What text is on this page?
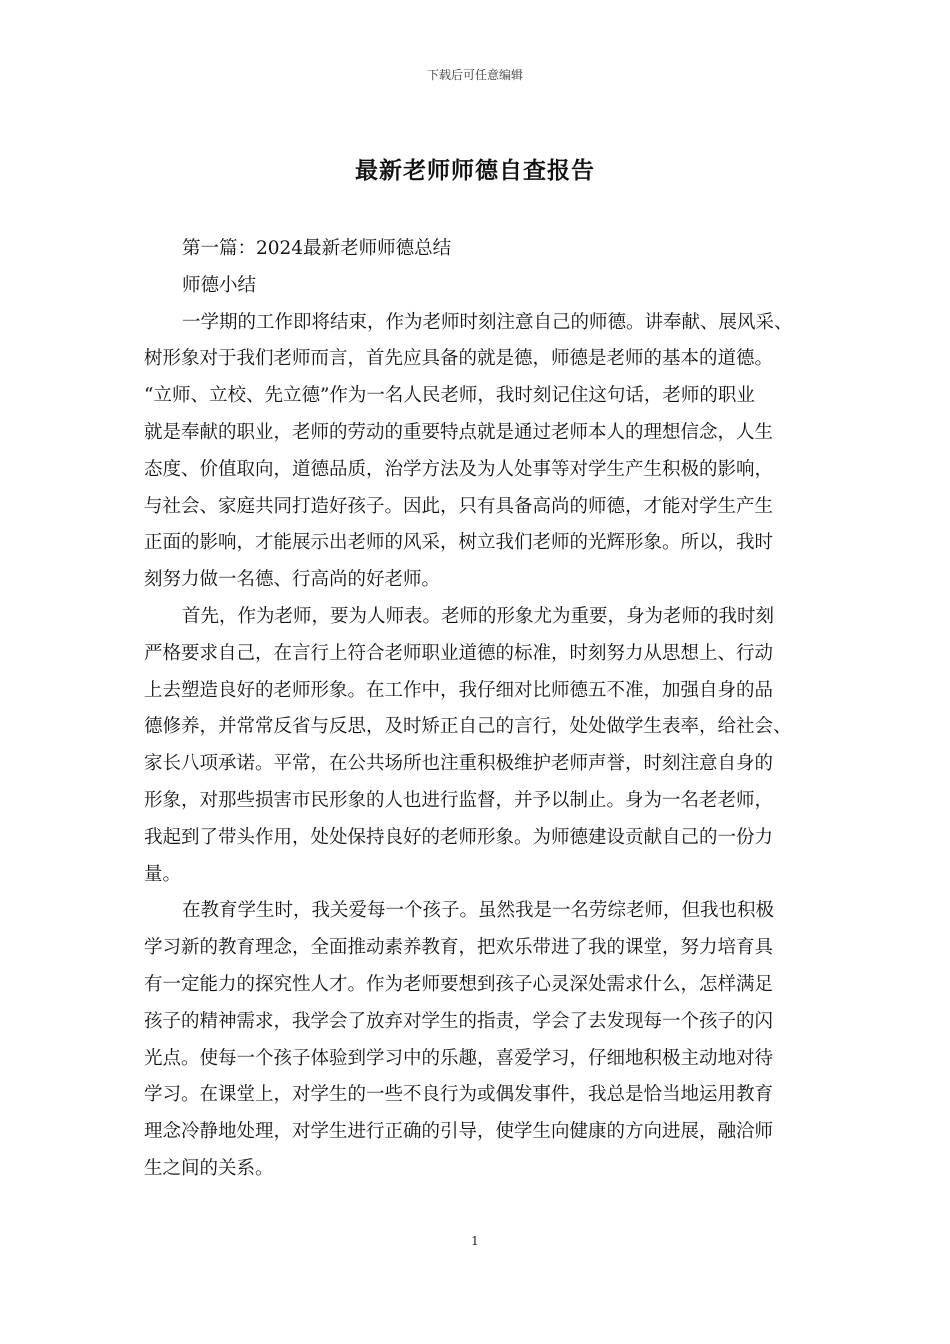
下载后可任意编辑
最新老师师德自查报告
第一篇：2024最新老师师德总结
师德小结
一学期的工作即将结束，作为老师时刻注意自己的师德。讲奉献、展风采、
树形象对于我们老师而言，首先应具备的就是德，师德是老师的基本的道德。
“立师、立校、先立德”作为一名人民老师，我时刻记住这句话，老师的职业
就是奉献的职业，老师的劳动的重要特点就是通过老师本人的理想信念，人生
态度、价值取向，道德品质，治学方法及为人处事等对学生产生积极的影响，
与社会、家庭共同打造好孩子。因此，只有具备高尚的师德，才能对学生产生
正面的影响，才能展示出老师的风采，树立我们老师的光辉形象。所以，我时
刻努力做一名德、行高尚的好老师。
首先，作为老师，要为人师表。老师的形象尤为重要，身为老师的我时刻
严格要求自己，在言行上符合老师职业道德的标准，时刻努力从思想上、行动
上去塑造良好的老师形象。在工作中，我仔细对比师德五不准，加强自身的品
德修养，并常常反省与反思，及时矫正自己的言行，处处做学生表率，给社会、
家长八项承诺。平常，在公共场所也注重积极维护老师声誉，时刻注意自身的
形象，对那些损害市民形象的人也进行监督，并予以制止。身为一名老老师，
我起到了带头作用，处处保持良好的老师形象。为师德建设贡献自己的一份力
量。
在教育学生时，我关爱每一个孩子。虽然我是一名劳综老师，但我也积极
学习新的教育理念，全面推动素养教育，把欢乐带进了我的课堂，努力培育具
有一定能力的探究性人才。作为老师要想到孩子心灵深处需求什么，怎样满足
孩子的精神需求，我学会了放弃对学生的指责，学会了去发现每一个孩子的闪
光点。使每一个孩子体验到学习中的乐趣，喜爱学习，仔细地积极主动地对待
学习。在课堂上，对学生的一些不良行为或偶发事件，我总是恰当地运用教育
理念冷静地处理，对学生进行正确的引导，使学生向健康的方向进展，融洽师
生之间的关系。
1
